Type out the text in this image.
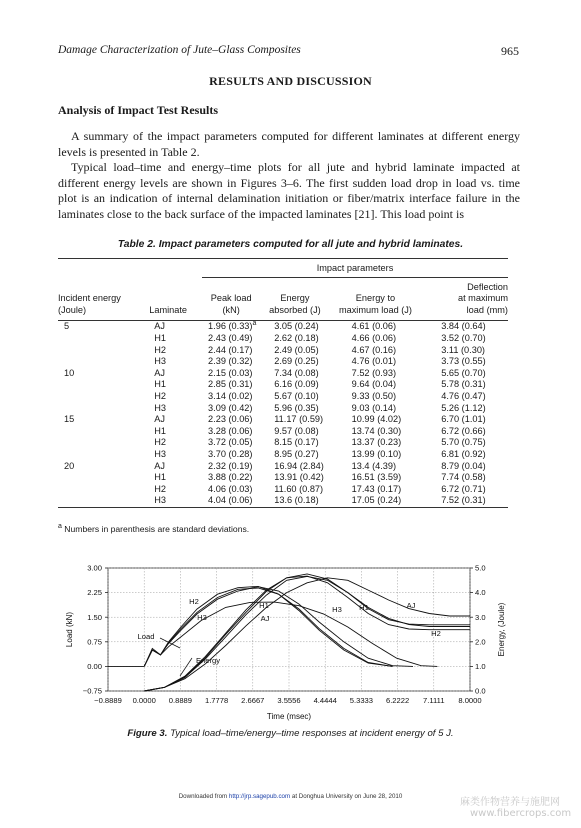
Damage Characterization of Jute–Glass Composites	965
RESULTS AND DISCUSSION
Analysis of Impact Test Results

A summary of the impact parameters computed for different laminates at different energy levels is presented in Table 2.

Typical load–time and energy–time plots for all jute and hybrid laminate impacted at different energy levels are shown in Figures 3–6. The first sudden load drop in load vs. time plot is an indication of internal delamination initiation or fiber/matrix interface failure in the laminates close to the back surface of the impacted laminates [21]. This load point is

Table 2. Impact parameters computed for all jute and hybrid laminates.
		Impact parameters			
Incident energy
(Joule)	Laminate	Peak load
(kN)	Energy
absorbed (J)	Energy to
maximum load (J)	Deflection
at maximum
load (mm)
5	AJ	1.96 $(0.33)^a$	3.05 (0.24)	4.61 (0.06)	3.84 (0.64)
	H1	2.43 (0.49)	2.62 (0.18)	4.66 (0.06)	3.52 (0.70)
	H2	2.44 (0.17)	2.49 (0.05)	4.67 (0.16)	3.11 (0.30)
	H3	2.39 (0.32)	2.69 (0.25)	4.76 (0.01)	3.73 (0.55)
10	AJ	2.15 (0.03)	7.34 (0.08)	7.52 (0.93)	5.65 (0.70)
	H1	2.85 (0.31)	6.16 (0.09)	9.64 (0.04)	5.78 (0.31)
	H2	3.14 (0.02)	5.67 (0.10)	9.33 (0.50)	4.76 (0.47)
	H3	3.09 (0.42)	5.96 (0.35)	9.03 (0.14)	5.26 (1.12)
15	AJ	2.23 (0.06)	11.17 (0.59)	10.99 (4.02)	6.70 (1.01)
	H1	3.28 (0.06)	9.57 (0.08)	13.74 (0.30)	6.72 (0.66)
	H2	3.72 (0.05)	8.15 (0.17)	13.37 (0.23)	5.70 (0.75)
	H3	3.70 (0.28)	8.95 (0.27)	13.99 (0.10)	6.81 (0.92)
20	AJ	2.32 (0.19)	16.94 (2.84)	13.4 (4.39)	8.79 (0.04)
	H1	3.88 (0.22)	13.91 (0.42)	16.51 (3.59)	7.74 (0.58)
	H2	4.06 (0.03)	11.60 (0.87)	17.43 (0.17)	6.72 (0.71)
	H3	4.04 (0.06)	13.6 (0.18)	17.05 (0.24)	7.52 (0.31)
$^a$ Numbers in parenthesis are standard deviations.
−0.8889 0.0000 0.8889 1.7778 2.6667 3.5556 4.4444 5.3333 6.2222 7.1111 8.0000
3.00
2.25
1.50
0.75
0.00
−0.75
5.0
4.0
3.0
2.0
1.0
0.0
Time (msec)
Load (kN)	Energy, (Joule)
Load
Energy
H2
H3
H1
AJ
H3 H1	AJ
H2
Figure 3. Typical load–time/energy–time responses at incident energy of 5 J.
Downloaded from http://jrp.sagepub.com at Donghua University on June 28, 2010
麻类作物营养与施肥网
www.fibercrops.com
